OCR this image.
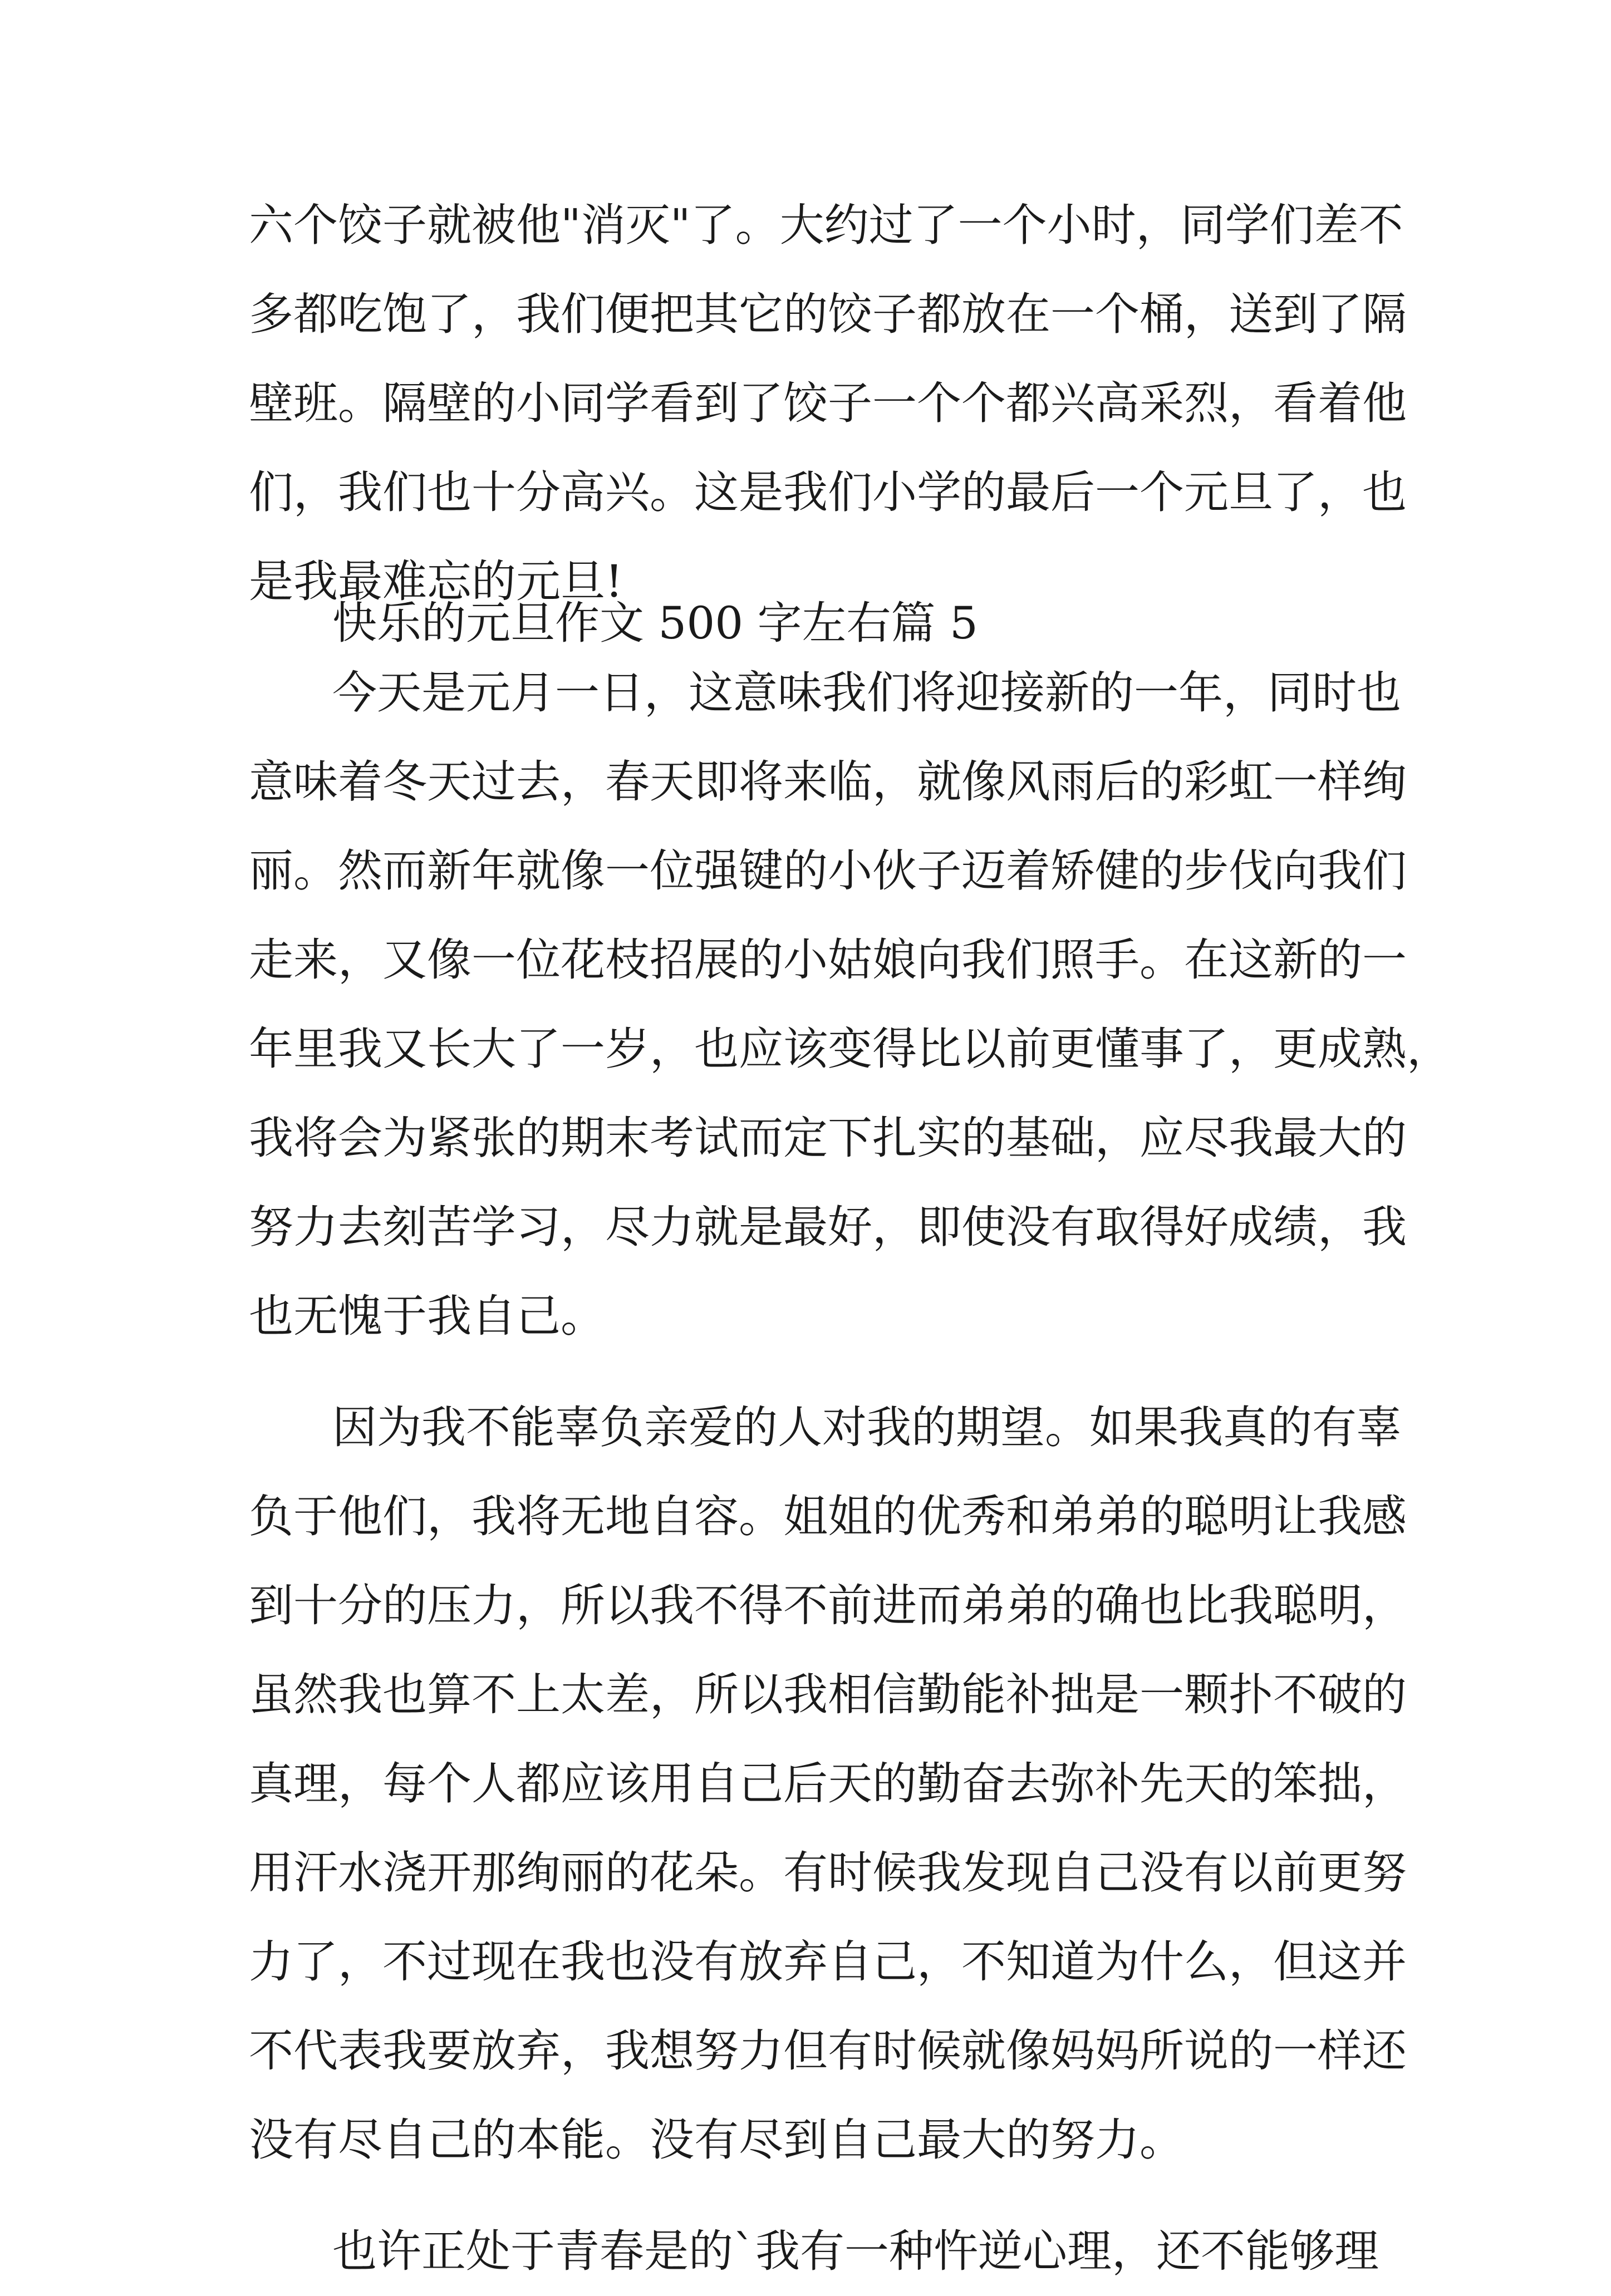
六个饺子就被他"消灭"了。大约过了一个小时，同学们差不
多都吃饱了，我们便把其它的饺子都放在一个桶，送到了隔
壁班。隔壁的小同学看到了饺子一个个都兴高采烈，看着他
们，我们也十分高兴。这是我们小学的最后一个元旦了，也
是我最难忘的元旦!
快乐的元旦作文 500 字左右篇 5
今天是元月一日，这意味我们将迎接新的一年，同时也
意味着冬天过去，春天即将来临，就像风雨后的彩虹一样绚
丽。然而新年就像一位强键的小伙子迈着矫健的步伐向我们
走来，又像一位花枝招展的小姑娘向我们照手。在这新的一
年里我又长大了一岁，也应该变得比以前更懂事了，更成熟，
我将会为紧张的期末考试而定下扎实的基础，应尽我最大的
努力去刻苦学习，尽力就是最好，即使没有取得好成绩，我
也无愧于我自己。
因为我不能辜负亲爱的人对我的期望。如果我真的有辜
负于他们，我将无地自容。姐姐的优秀和弟弟的聪明让我感
到十分的压力，所以我不得不前进而弟弟的确也比我聪明，
虽然我也算不上太差，所以我相信勤能补拙是一颗扑不破的
真理，每个人都应该用自己后天的勤奋去弥补先天的笨拙，
用汗水浇开那绚丽的花朵。有时候我发现自己没有以前更努
力了，不过现在我也没有放弃自己，不知道为什么，但这并
不代表我要放弃，我想努力但有时候就像妈妈所说的一样还
没有尽自己的本能。没有尽到自己最大的努力。
也许正处于青春是的`我有一种忤逆心理，还不能够理
